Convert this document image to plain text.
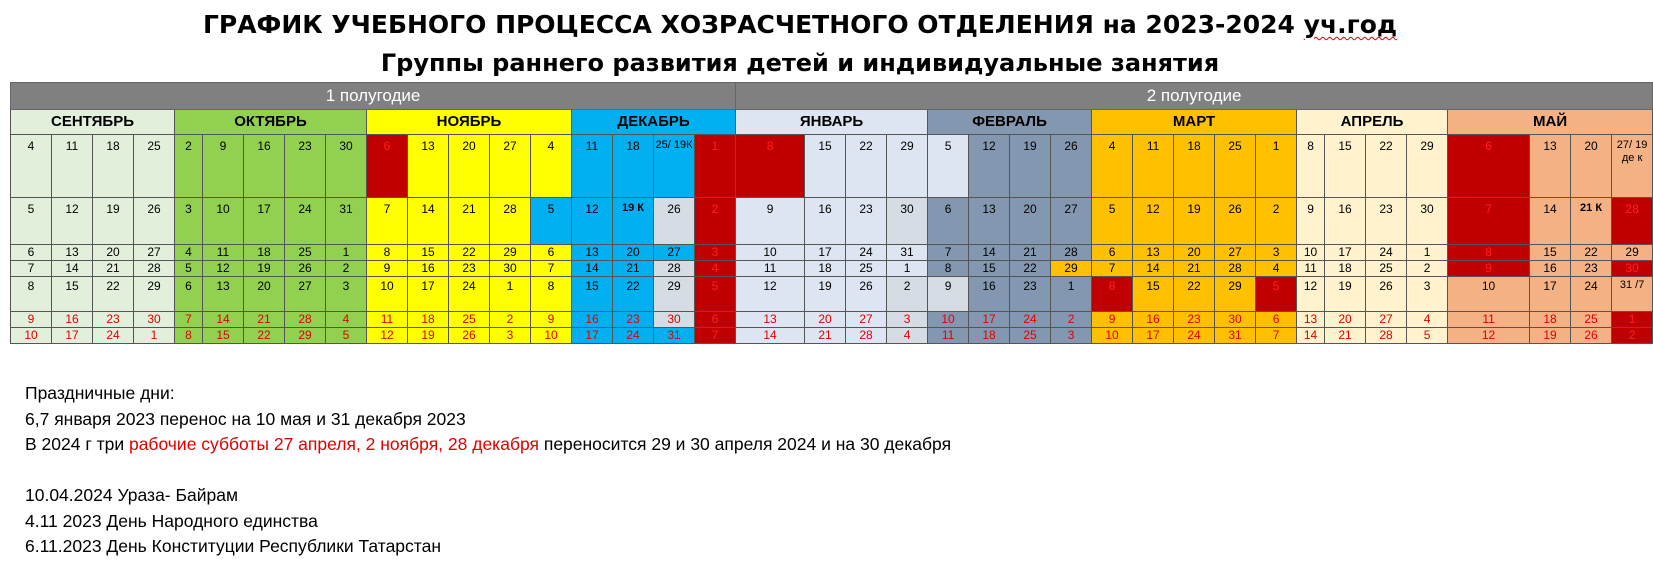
ГРАФИК УЧЕБНОГО ПРОЦЕССА ХОЗРАСЧЕТНОГО ОТДЕЛЕНИЯ на 2023-2024 уч.год
Группы раннего развития детей и индивидуальные занятия
1 полугодие																		2 полугодие																				
СЕНТЯБРЬ				ОКТЯБРЬ					НОЯБРЬ					ДЕКАБРЬ				ЯНВАРЬ				ФЕВРАЛЬ				МАРТ					АПРЕЛЬ				МАЙ			
4	11	18	25	2	9	16	23	30	6	13	20	27	4	11	18	25/ 19К	1	8	15	22	29	5	12	19	26	4	11	18	25	1	8	15	22	29	6	13	20	27/ 19 де к
5	12	19	26	3	10	17	24	31	7	14	21	28	5	12	19 К	26	2	9	16	23	30	6	13	20	27	5	12	19	26	2	9	16	23	30	7	14	21 К	28
6	13	20	27	4	11	18	25	1	8	15	22	29	6	13	20	27	3	10	17	24	31	7	14	21	28	6	13	20	27	3	10	17	24	1	8	15	22	29
7	14	21	28	5	12	19	26	2	9	16	23	30	7	14	21	28	4	11	18	25	1	8	15	22	29	7	14	21	28	4	11	18	25	2	9	16	23	30
8	15	22	29	6	13	20	27	3	10	17	24	1	8	15	22	29	5	12	19	26	2	9	16	23	1	8	15	22	29	5	12	19	26	3	10	17	24	31 /7
9	16	23	30	7	14	21	28	4	11	18	25	2	9	16	23	30	6	13	20	27	3	10	17	24	2	9	16	23	30	6	13	20	27	4	11	18	25	1
10	17	24	1	8	15	22	29	5	12	19	26	3	10	17	24	31	7	14	21	28	4	11	18	25	3	10	17	24	31	7	14	21	28	5	12	19	26	2
Праздничные дни:
6,7 января 2023 перенос на 10 мая и 31 декабря 2023
В 2024 г три рабочие субботы 27 апреля, 2 ноября, 28 декабря переносится 29 и 30 апреля 2024 и на 30 декабря
10.04.2024 Ураза- Байрам
4.11 2023 День Народного единства
6.11.2023 День Конституции Республики Татарстан
